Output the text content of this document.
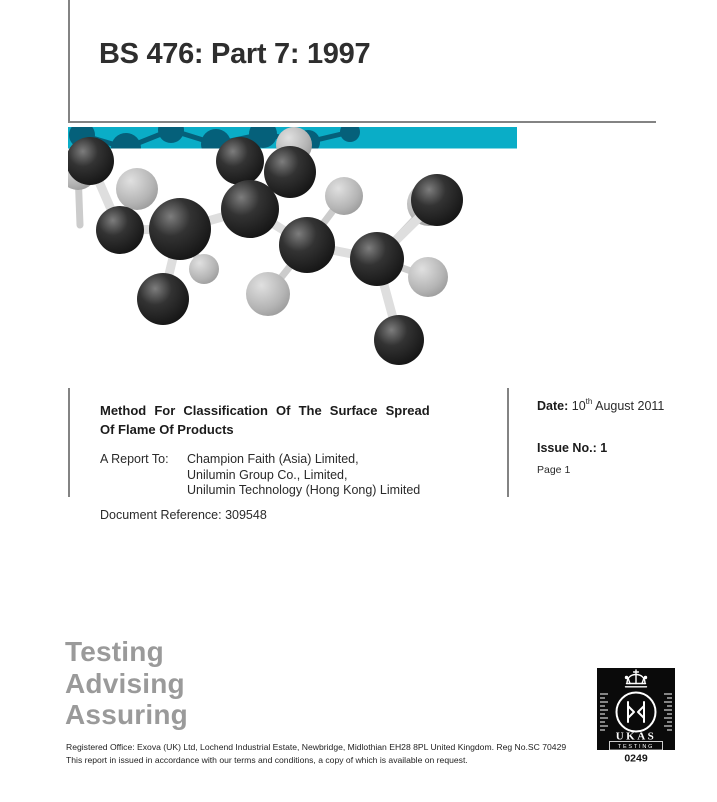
BS 476: Part 7: 1997
Method For Classification Of The Surface Spread
Of Flame Of Products
A Report To: Champion Faith (Asia) Limited,
Unilumin Group Co., Limited,
Unilumin Technology (Hong Kong) Limited
Document Reference: 309548
Date: 10th August 2011
Issue No.: 1
Page 1
Testing
Advising
Assuring
Registered Office: Exova (UK) Ltd, Lochend Industrial Estate, Newbridge, Midlothian EH28 8PL United Kingdom. Reg No.SC 70429
This report in issued in accordance with our terms and conditions, a copy of which is available on request.
UKAS
TESTING
0249
